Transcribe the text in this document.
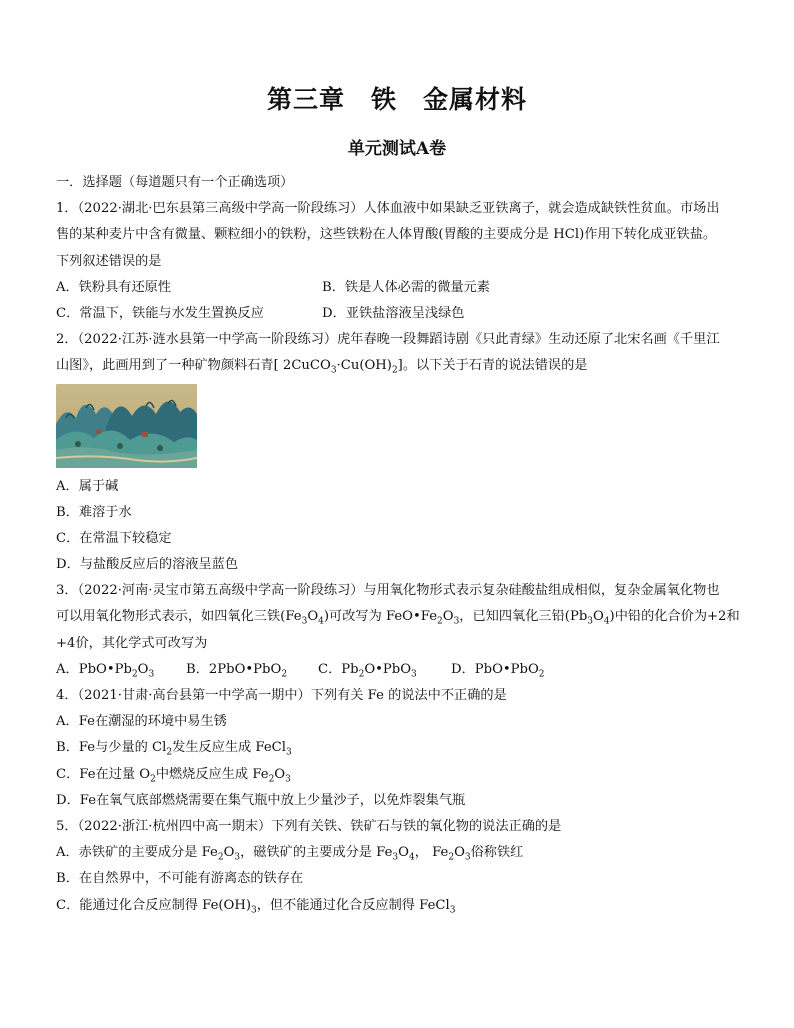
第三章　铁　金属材料
单元测试A卷
一．选择题（每道题只有一个正确选项）
1．（2022·湖北·巴东县第三高级中学高一阶段练习）人体血液中如果缺乏亚铁离子，就会造成缺铁性贫血。市场出
售的某种麦片中含有微量、颗粒细小的铁粉，这些铁粉在人体胃酸(胃酸的主要成分是 HCl)作用下转化成亚铁盐。
下列叙述错误的是
A．铁粉具有还原性	B．铁是人体必需的微量元素
C．常温下，铁能与水发生置换反应	D．亚铁盐溶液呈浅绿色
2．（2022·江苏·涟水县第一中学高一阶段练习）虎年春晚一段舞蹈诗剧《只此青绿》生动还原了北宋名画《千里江
山图》，此画用到了一种矿物颜料石青[ $2CuCO_3\cdot Cu(OH)_2$]。以下关于石青的说法错误的是
A．属于碱
B．难溶于水
C．在常温下较稳定
D．与盐酸反应后的溶液呈蓝色
3．（2022·河南·灵宝市第五高级中学高一阶段练习）与用氧化物形式表示复杂硅酸盐组成相似，复杂金属氧化物也
可以用氧化物形式表示，如四氧化三铁$(Fe_3O_4)$可改写为 $FeO•Fe_2O_3$，已知四氧化三铅$(Pb_3O_4)$中铅的化合价为+2和
+4价，其化学式可改写为
A．$PbO•Pb_2O_3$	B．2PbO•PbO$_2$	C．$Pb_2O•PbO_3$	D．PbO•PbO$_2$
4．（2021·甘肃·高台县第一中学高一期中）下列有关 Fe 的说法中不正确的是
A．Fe在潮湿的环境中易生锈
B．Fe与少量的 $Cl_2$发生反应生成 FeCl$_3$
C．Fe在过量 $O_2$中燃烧反应生成 $Fe_2O_3$
D．Fe在氧气底部燃烧需要在集气瓶中放上少量沙子，以免炸裂集气瓶
5．（2022·浙江·杭州四中高一期末）下列有关铁、铁矿石与铁的氧化物的说法正确的是
A．赤铁矿的主要成分是 $Fe_2O_3$，磁铁矿的主要成分是 $Fe_3O_4$， $Fe_2O_3$俗称铁红
B．在自然界中，不可能有游离态的铁存在
C．能通过化合反应制得 $Fe(OH)_3$，但不能通过化合反应制得 FeCl$_3$
